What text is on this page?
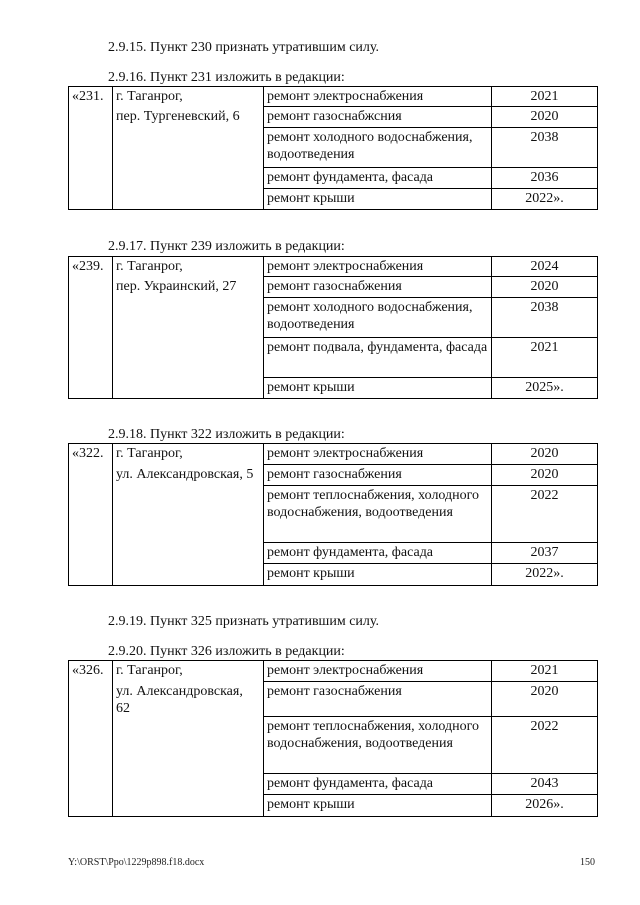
2.9.15. Пункт 230 признать утратившим силу.
2.9.16. Пункт 231 изложить в редакции:
«231.	г. Таганрог,	ремонт электроснабжения	2021
	пер. Тургеневский, 6	ремонт газоснабжсния	2020
		ремонт холодного водоснабжения, водоотведения	2038
		ремонт фундамента, фасада	2036
		ремонт крыши	2022».
2.9.17. Пункт 239 изложить в редакции:
«239.	г. Таганрог,	ремонт электроснабжения	2024
	пер. Украинский, 27	ремонт газоснабжения	2020
		ремонт холодного водоснабжения, водоотведения	2038
		ремонт подвала, фундамента, фасада	2021
		ремонт крыши	2025».
2.9.18. Пункт 322 изложить в редакции:
«322.	г. Таганрог,	ремонт электроснабжения	2020
	ул. Александровская, 5	ремонт газоснабжения	2020
		ремонт теплоснабжения, холодного водоснабжения, водоотведения	2022
		ремонт фундамента, фасада	2037
		ремонт крыши	2022».
2.9.19. Пункт 325 признать утратившим силу.
2.9.20. Пункт 326 изложить в редакции:
«326.	г. Таганрог,	ремонт электроснабжения	2021
	ул. Александровская, 62	ремонт газоснабжения	2020
		ремонт теплоснабжения, холодного водоснабжения, водоотведения	2022
		ремонт фундамента, фасада	2043
		ремонт крыши	2026».
Y:\ORST\Ppo\1229p898.f18.docx	150
